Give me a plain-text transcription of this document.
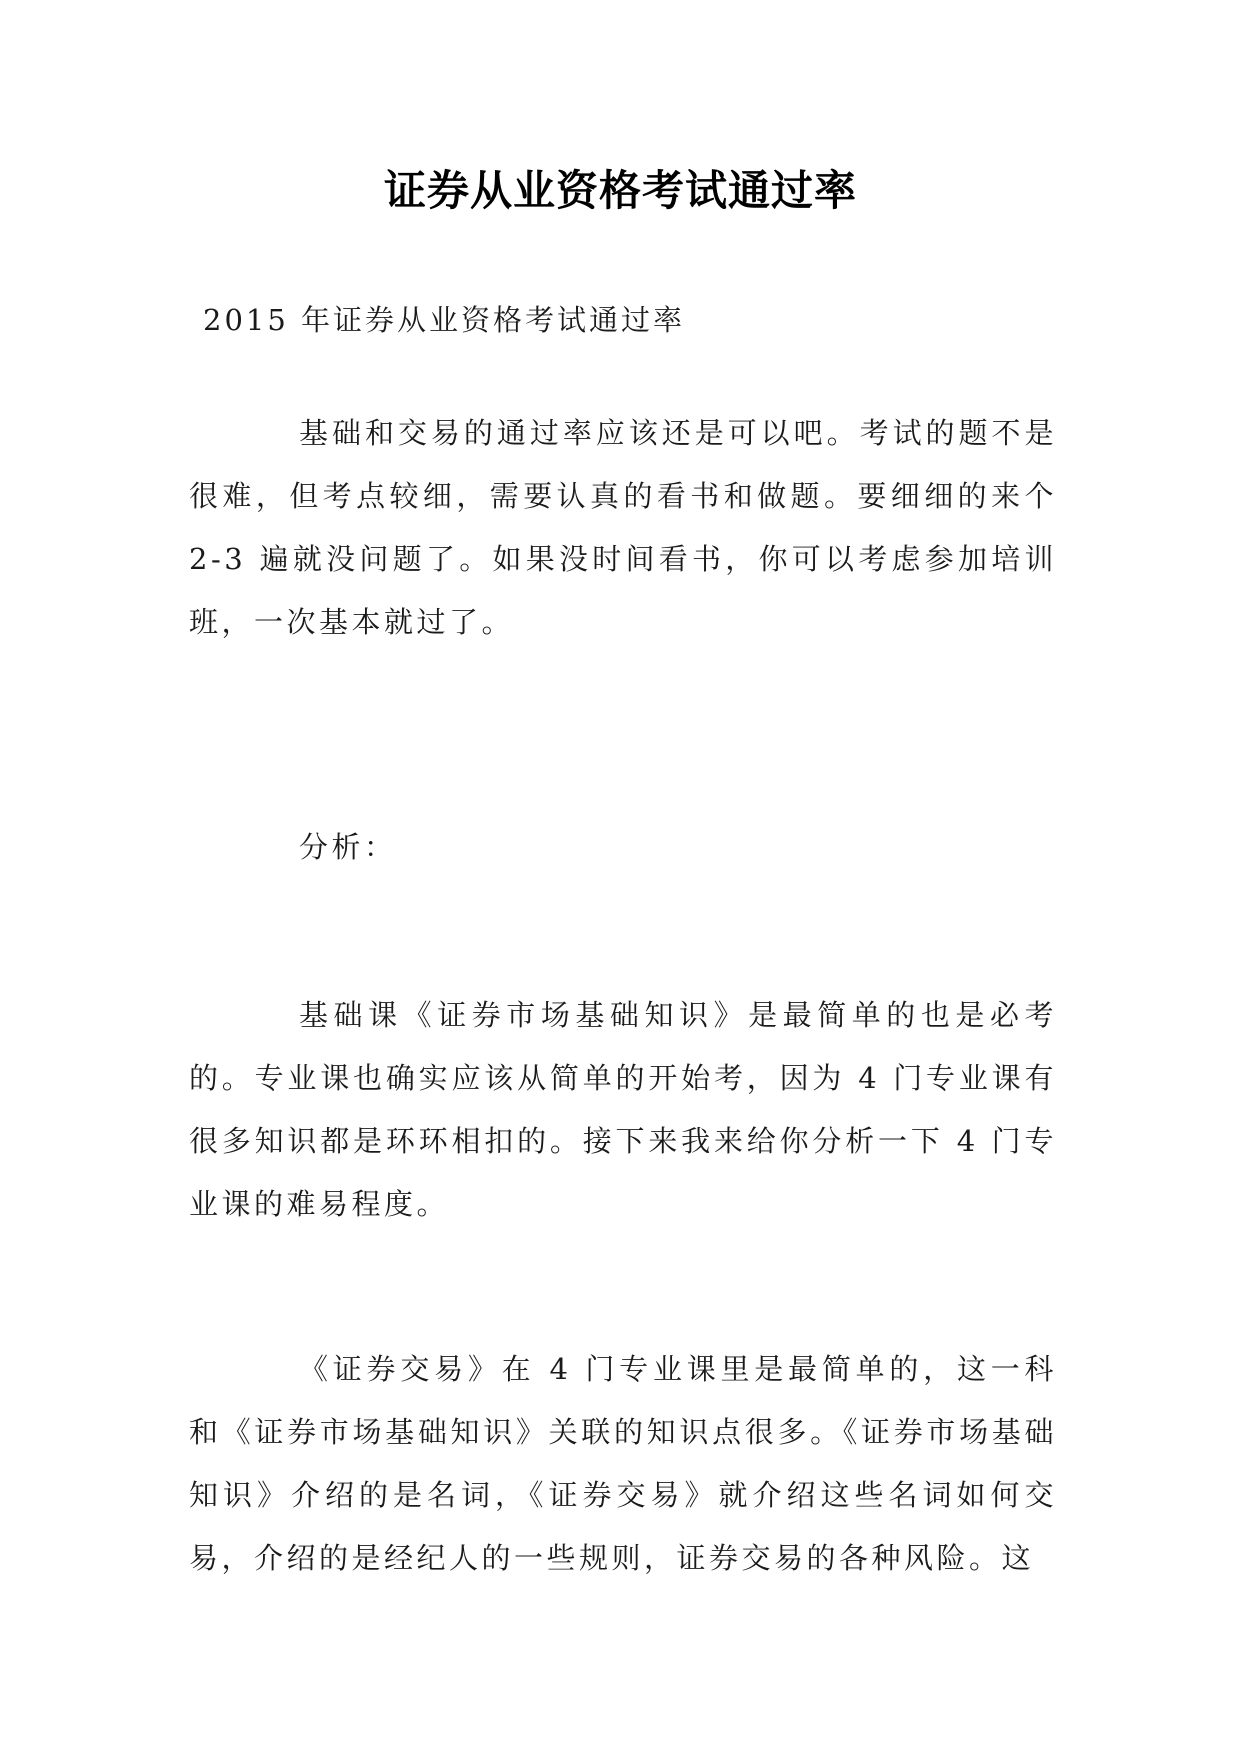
证券从业资格考试通过率

2015 年证券从业资格考试通过率

基础和交易的通过率应该还是可以吧。考试的题不是很难，但考点较细，需要认真的看书和做题。要细细的来个 2-3 遍就没问题了。如果没时间看书，你可以考虑参加培训班，一次基本就过了。

分析：

基础课《证券市场基础知识》是最简单的也是必考的。专业课也确实应该从简单的开始考，因为 4 门专业课有很多知识都是环环相扣的。接下来我来给你分析一下 4 门专业课的难易程度。

《证券交易》在 4 门专业课里是最简单的，这一科和《证券市场基础知识》关联的知识点很多。《证券市场基础知识》介绍的是名词，《证券交易》就介绍这些名词如何交易，介绍的是经纪人的一些规则，证券交易的各种风险。这
